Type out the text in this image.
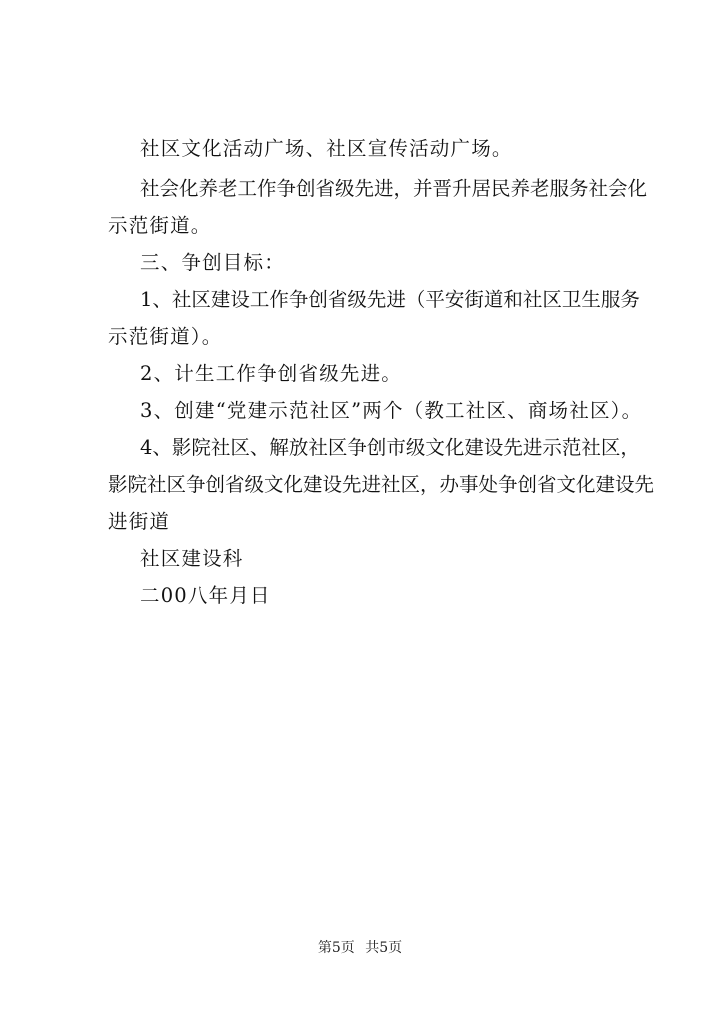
社区文化活动广场、社区宣传活动广场。
社会化养老工作争创省级先进，并晋升居民养老服务社会化
示范街道。
三、争创目标：
1、社区建设工作争创省级先进（平安街道和社区卫生服务
示范街道）。
2、计生工作争创省级先进。
3、创建“党建示范社区”两个（教工社区、商场社区）。
4、影院社区、解放社区争创市级文化建设先进示范社区，
影院社区争创省级文化建设先进社区，办事处争创省文化建设先
进街道
社区建设科
二00八年月日
第5页 共5页
